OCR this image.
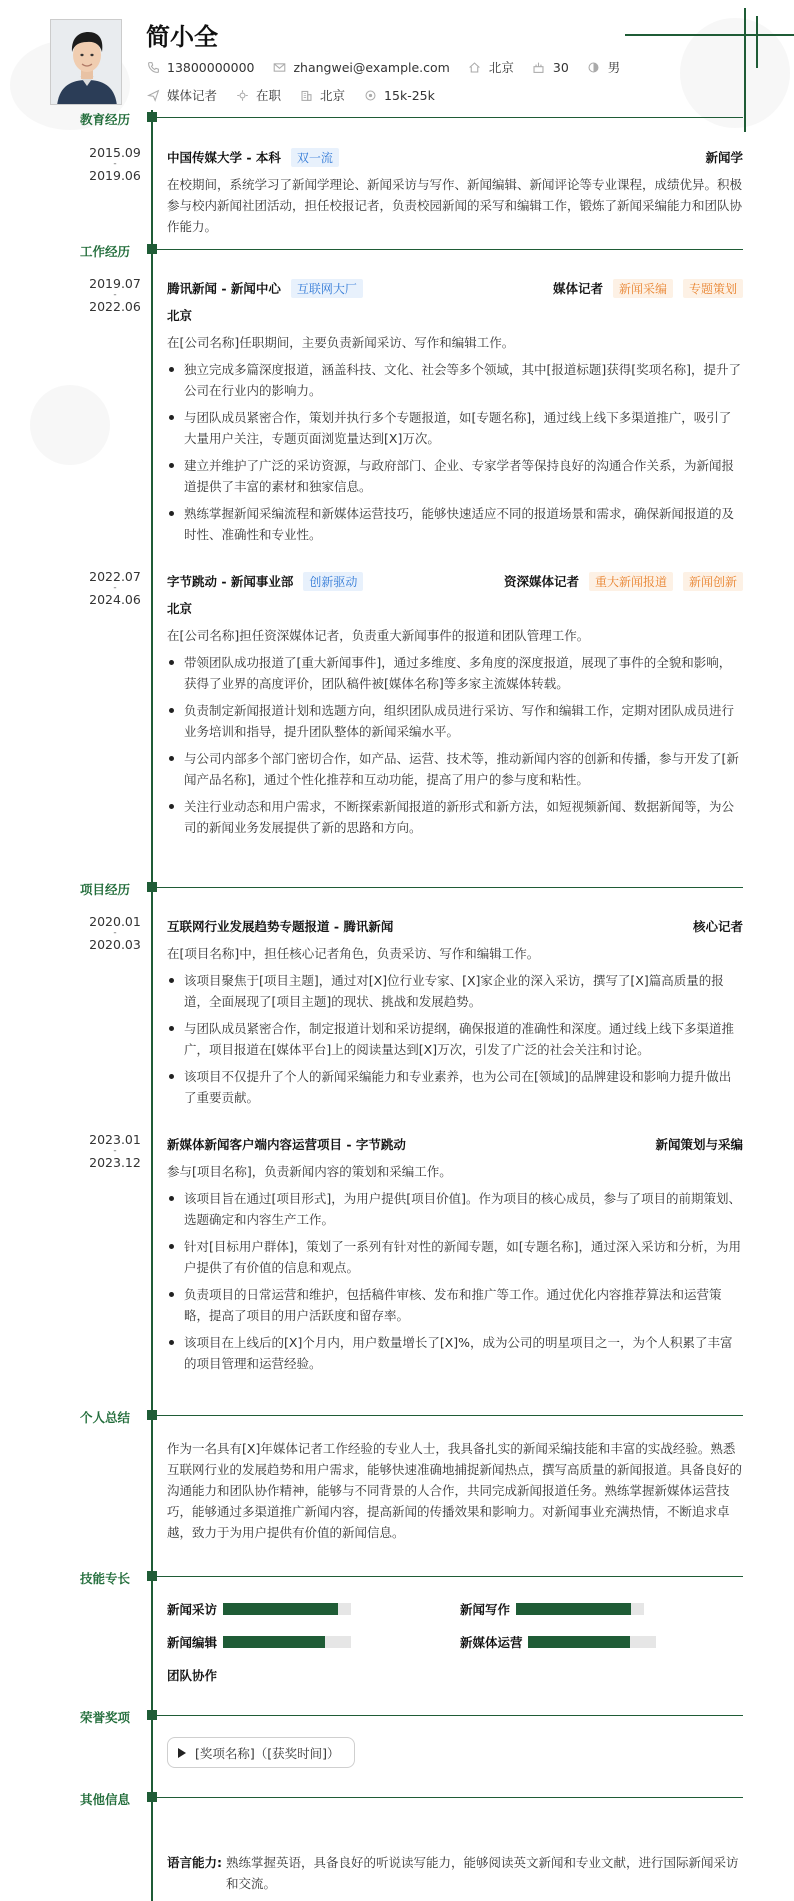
简小全
13800000000	zhangwei@example.com	北京	30	男
媒体记者	在职	北京	15k-25k
教育经历
2015.09
-
2019.06
中国传媒大学 - 本科	双一流	新闻学
在校期间，系统学习了新闻学理论、新闻采访与写作、新闻编辑、新闻评论等专业课程，成绩优异。积极参与校内新闻社团活动，担任校报记者，负责校园新闻的采写和编辑工作，锻炼了新闻采编能力和团队协作能力。
工作经历
2019.07
-
2022.06
腾讯新闻 - 新闻中心	互联网大厂	媒体记者	新闻采编	专题策划
北京
在[公司名称]任职期间，主要负责新闻采访、写作和编辑工作。
独立完成多篇深度报道，涵盖科技、文化、社会等多个领域，其中[报道标题]获得[奖项名称]，提升了公司在行业内的影响力。
与团队成员紧密合作，策划并执行多个专题报道，如[专题名称]，通过线上线下多渠道推广，吸引了大量用户关注，专题页面浏览量达到[X]万次。
建立并维护了广泛的采访资源，与政府部门、企业、专家学者等保持良好的沟通合作关系，为新闻报道提供了丰富的素材和独家信息。
熟练掌握新闻采编流程和新媒体运营技巧，能够快速适应不同的报道场景和需求，确保新闻报道的及时性、准确性和专业性。
2022.07
-
2024.06
字节跳动 - 新闻事业部	创新驱动	资深媒体记者	重大新闻报道	新闻创新
北京
在[公司名称]担任资深媒体记者，负责重大新闻事件的报道和团队管理工作。
带领团队成功报道了[重大新闻事件]，通过多维度、多角度的深度报道，展现了事件的全貌和影响，获得了业界的高度评价，团队稿件被[媒体名称]等多家主流媒体转载。
负责制定新闻报道计划和选题方向，组织团队成员进行采访、写作和编辑工作，定期对团队成员进行业务培训和指导，提升团队整体的新闻采编水平。
与公司内部多个部门密切合作，如产品、运营、技术等，推动新闻内容的创新和传播，参与开发了[新闻产品名称]，通过个性化推荐和互动功能，提高了用户的参与度和粘性。
关注行业动态和用户需求，不断探索新闻报道的新形式和新方法，如短视频新闻、数据新闻等，为公司的新闻业务发展提供了新的思路和方向。
项目经历
2020.01
-
2020.03
互联网行业发展趋势专题报道 - 腾讯新闻	核心记者
在[项目名称]中，担任核心记者角色，负责采访、写作和编辑工作。
该项目聚焦于[项目主题]，通过对[X]位行业专家、[X]家企业的深入采访，撰写了[X]篇高质量的报道，全面展现了[项目主题]的现状、挑战和发展趋势。
与团队成员紧密合作，制定报道计划和采访提纲，确保报道的准确性和深度。通过线上线下多渠道推广，项目报道在[媒体平台]上的阅读量达到[X]万次，引发了广泛的社会关注和讨论。
该项目不仅提升了个人的新闻采编能力和专业素养，也为公司在[领域]的品牌建设和影响力提升做出了重要贡献。
2023.01
-
2023.12
新媒体新闻客户端内容运营项目 - 字节跳动	新闻策划与采编
参与[项目名称]，负责新闻内容的策划和采编工作。
该项目旨在通过[项目形式]，为用户提供[项目价值]。作为项目的核心成员，参与了项目的前期策划、选题确定和内容生产工作。
针对[目标用户群体]，策划了一系列有针对性的新闻专题，如[专题名称]，通过深入采访和分析，为用户提供了有价值的信息和观点。
负责项目的日常运营和维护，包括稿件审核、发布和推广等工作。通过优化内容推荐算法和运营策略，提高了项目的用户活跃度和留存率。
该项目在上线后的[X]个月内，用户数量增长了[X]%，成为公司的明星项目之一，为个人积累了丰富的项目管理和运营经验。
个人总结
作为一名具有[X]年媒体记者工作经验的专业人士，我具备扎实的新闻采编技能和丰富的实战经验。熟悉互联网行业的发展趋势和用户需求，能够快速准确地捕捉新闻热点，撰写高质量的新闻报道。具备良好的沟通能力和团队协作精神，能够与不同背景的人合作，共同完成新闻报道任务。熟练掌握新媒体运营技巧，能够通过多渠道推广新闻内容，提高新闻的传播效果和影响力。对新闻事业充满热情，不断追求卓越，致力于为用户提供有价值的新闻信息。
技能专长
新闻采访	新闻写作
新闻编辑	新媒体运营
团队协作
荣誉奖项
[奖项名称]（[获奖时间]）
其他信息
语言能力: 熟练掌握英语，具备良好的听说读写能力，能够阅读英文新闻和专业文献，进行国际新闻采访和交流。
